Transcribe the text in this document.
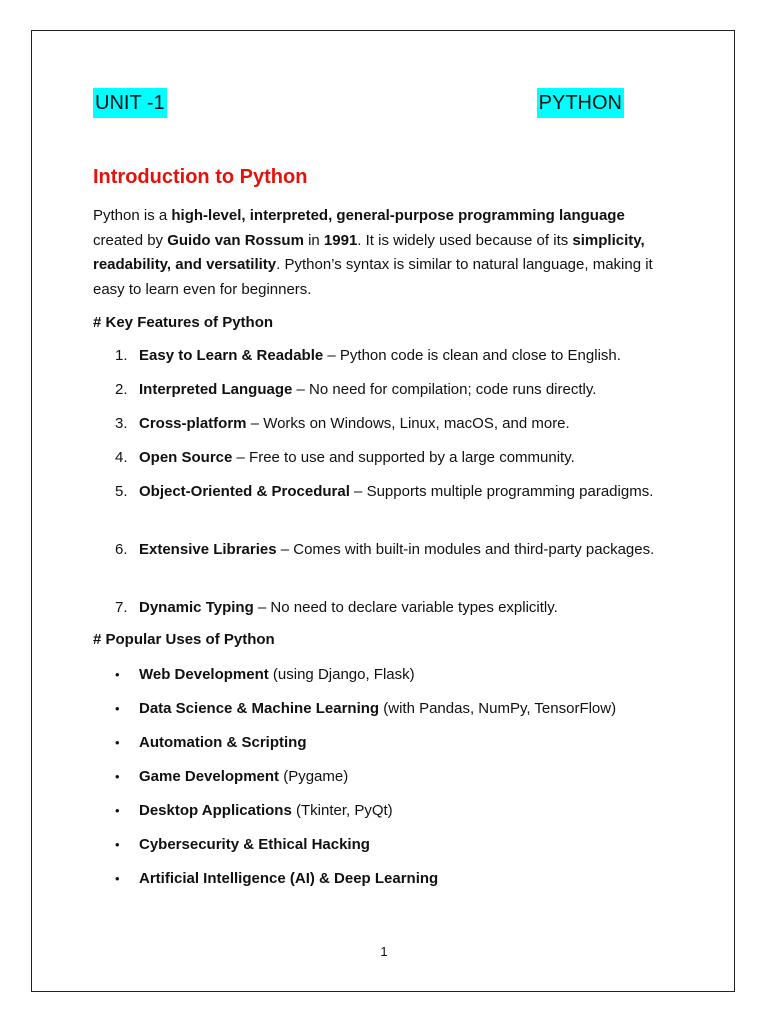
UNIT -1	PYTHON
Introduction to Python

Python is a high-level, interpreted, general-purpose programming language created by Guido van Rossum in 1991. It is widely used because of its simplicity, readability, and versatility. Python’s syntax is similar to natural language, making it easy to learn even for beginners.

# Key Features of Python
1. Easy to Learn & Readable – Python code is clean and close to English.
2. Interpreted Language – No need for compilation; code runs directly.
3. Cross-platform – Works on Windows, Linux, macOS, and more.
4. Open Source – Free to use and supported by a large community.
5. Object-Oriented & Procedural – Supports multiple programming paradigms.
6. Extensive Libraries – Comes with built-in modules and third-party packages.
7. Dynamic Typing – No need to declare variable types explicitly.
# Popular Uses of Python
• Web Development (using Django, Flask)
• Data Science & Machine Learning (with Pandas, NumPy, TensorFlow)
• Automation & Scripting
• Game Development (Pygame)
• Desktop Applications (Tkinter, PyQt)
• Cybersecurity & Ethical Hacking
• Artificial Intelligence (AI) & Deep Learning
1
